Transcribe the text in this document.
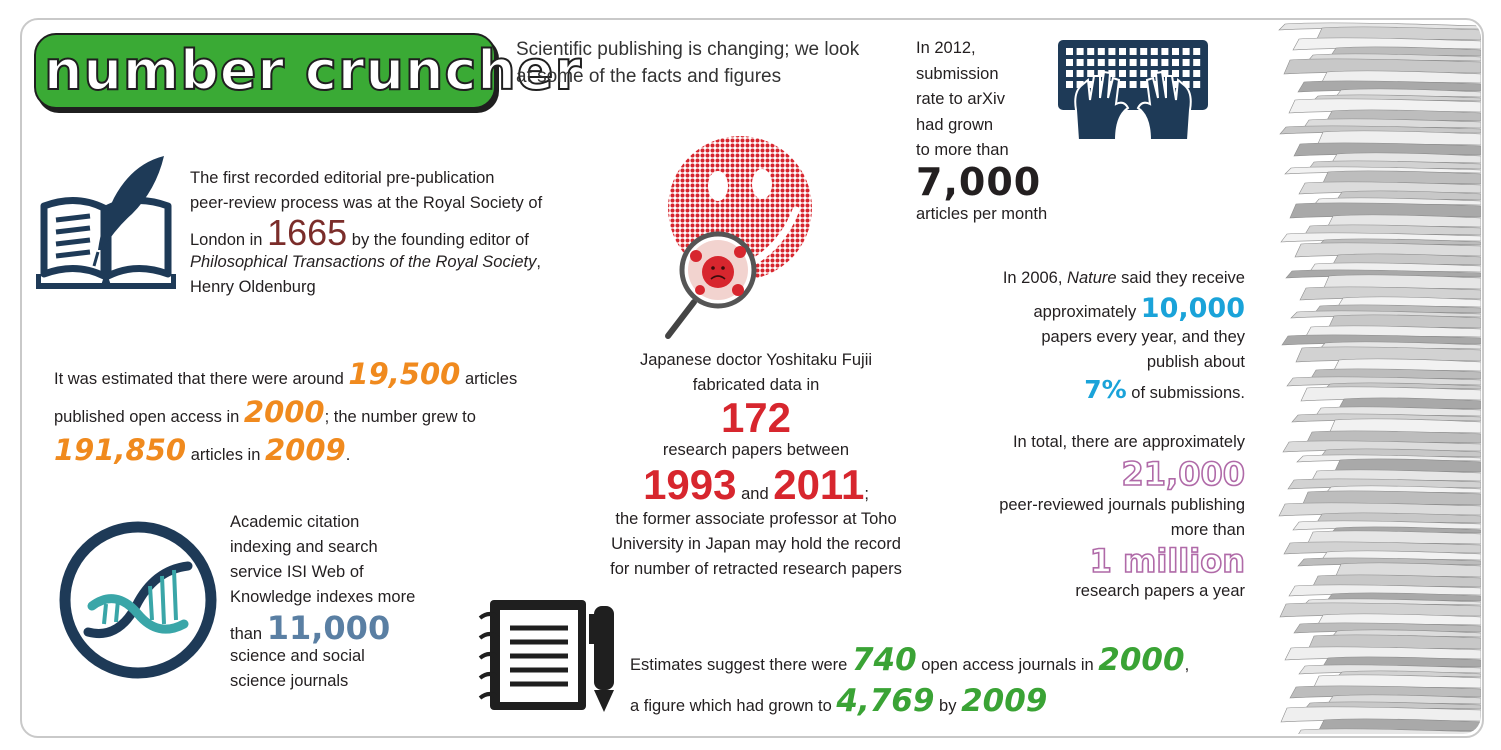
number cruncher
Scientific publishing is changing; we look at some of the facts and figures
In 2012,
submission
rate to arXiv
had grown
to more than
7,000
articles per month
The first recorded editorial pre-publication
peer-review process was at the Royal Society of
London in 1665 by the founding editor of
Philosophical Transactions of the Royal Society,
Henry Oldenburg
It was estimated that there were around 19,500 articles
published open access in 2000; the number grew to
191,850 articles in 2009.
Academic citation
indexing and search
service ISI Web of
Knowledge indexes more
than 11,000
science and social
science journals
Japanese doctor Yoshitaku Fujii
fabricated data in
172
research papers between
1993 and 2011;
the former associate professor at Toho
University in Japan may hold the record
for number of retracted research papers
In 2006, Nature said they receive
approximately 10,000
papers every year, and they
publish about
7% of submissions.
In total, there are approximately
21,000
peer-reviewed journals publishing
more than
1 million
research papers a year
Estimates suggest there were 740 open access journals in 2000,
a figure which had grown to 4,769 by 2009
